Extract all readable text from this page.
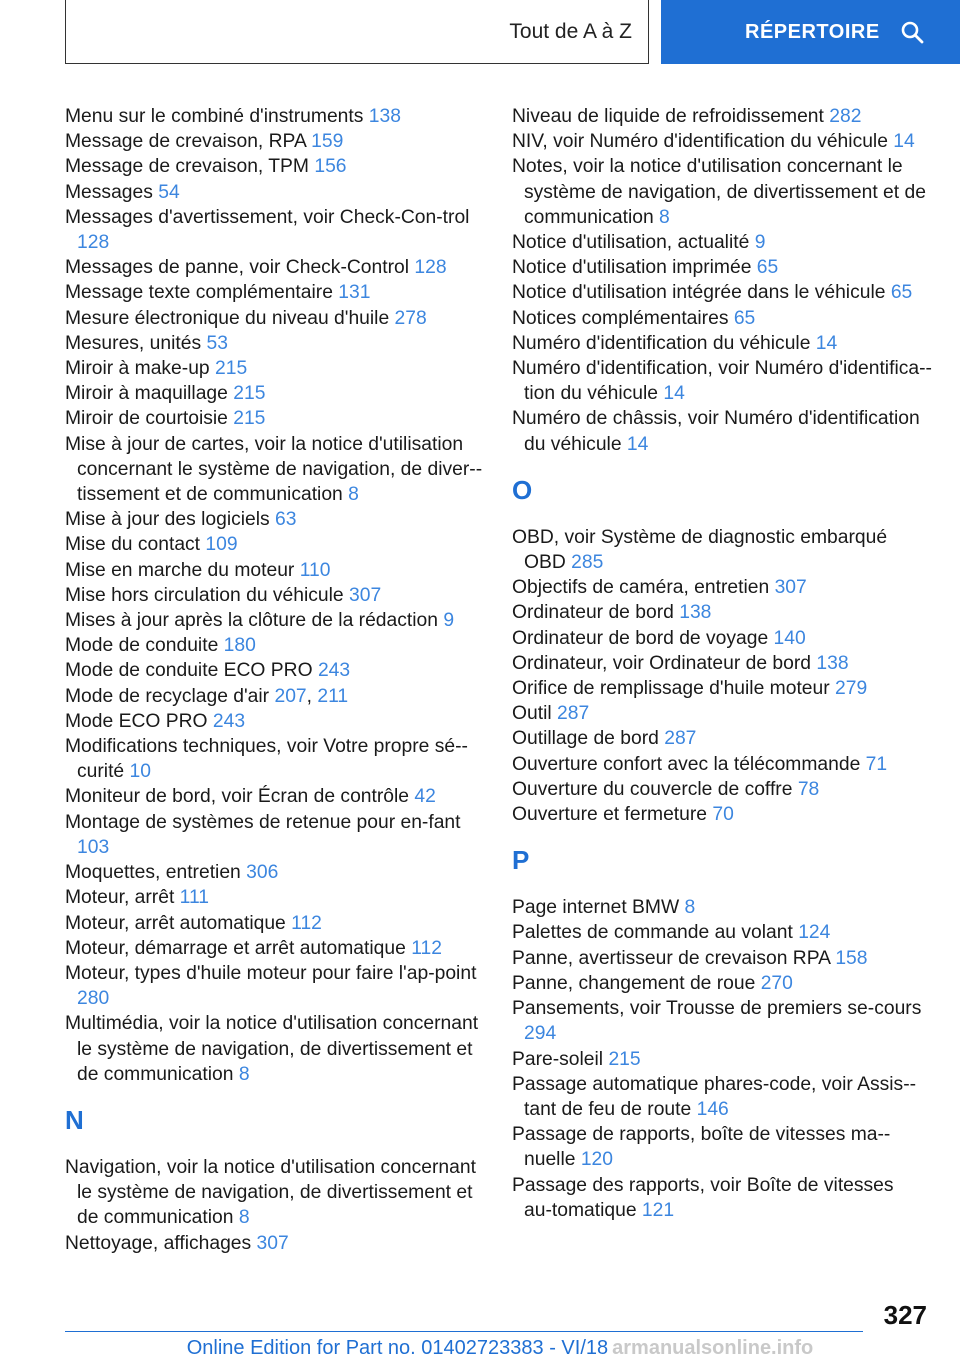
Tout de A à Z	RÉPERTOIRE

Menu sur le combiné d'instruments 138

Message de crevaison, RPA 159

Message de crevaison, TPM 156

Messages 54

Messages d'avertissement, voir Check-Con-trol 128

Messages de panne, voir Check-Control 128

Message texte complémentaire 131

Mesure électronique du niveau d'huile 278

Mesures, unités 53

Miroir à make-up 215

Miroir à maquillage 215

Miroir de courtoisie 215

Mise à jour de cartes, voir la notice d'utilisation concernant le système de navigation, de diver-tissement et de communication 8

Mise à jour des logiciels 63

Mise du contact 109

Mise en marche du moteur 110

Mise hors circulation du véhicule 307

Mises à jour après la clôture de la rédaction 9

Mode de conduite 180

Mode de conduite ECO PRO 243

Mode de recyclage d'air 207, 211

Mode ECO PRO 243

Modifications techniques, voir Votre propre sé-curité 10

Moniteur de bord, voir Écran de contrôle 42

Montage de systèmes de retenue pour en-fant 103

Moquettes, entretien 306

Moteur, arrêt 111

Moteur, arrêt automatique 112

Moteur, démarrage et arrêt automatique 112

Moteur, types d'huile moteur pour faire l'ap-point 280

Multimédia, voir la notice d'utilisation concernant le système de navigation, de divertissement et de communication 8

N

Navigation, voir la notice d'utilisation concernant le système de navigation, de divertissement et de communication 8

Nettoyage, affichages 307

Niveau de liquide de refroidissement 282

NIV, voir Numéro d'identification du véhicule 14

Notes, voir la notice d'utilisation concernant le système de navigation, de divertissement et de communication 8

Notice d'utilisation, actualité 9

Notice d'utilisation imprimée 65

Notice d'utilisation intégrée dans le véhicule 65

Notices complémentaires 65

Numéro d'identification du véhicule 14

Numéro d'identification, voir Numéro d'identifica-tion du véhicule 14

Numéro de châssis, voir Numéro d'identification du véhicule 14

O

OBD, voir Système de diagnostic embarqué OBD 285

Objectifs de caméra, entretien 307

Ordinateur de bord 138

Ordinateur de bord de voyage 140

Ordinateur, voir Ordinateur de bord 138

Orifice de remplissage d'huile moteur 279

Outil 287

Outillage de bord 287

Ouverture confort avec la télécommande 71

Ouverture du couvercle de coffre 78

Ouverture et fermeture 70

P

Page internet BMW 8

Palettes de commande au volant 124

Panne, avertisseur de crevaison RPA 158

Panne, changement de roue 270

Pansements, voir Trousse de premiers se-cours 294

Pare-soleil 215

Passage automatique phares-code, voir Assis-tant de feu de route 146

Passage de rapports, boîte de vitesses ma-nuelle 120

Passage des rapports, voir Boîte de vitesses au-tomatique 121

327
Online Edition for Part no. 01402723383 - VI/18 armanualsonline.info
